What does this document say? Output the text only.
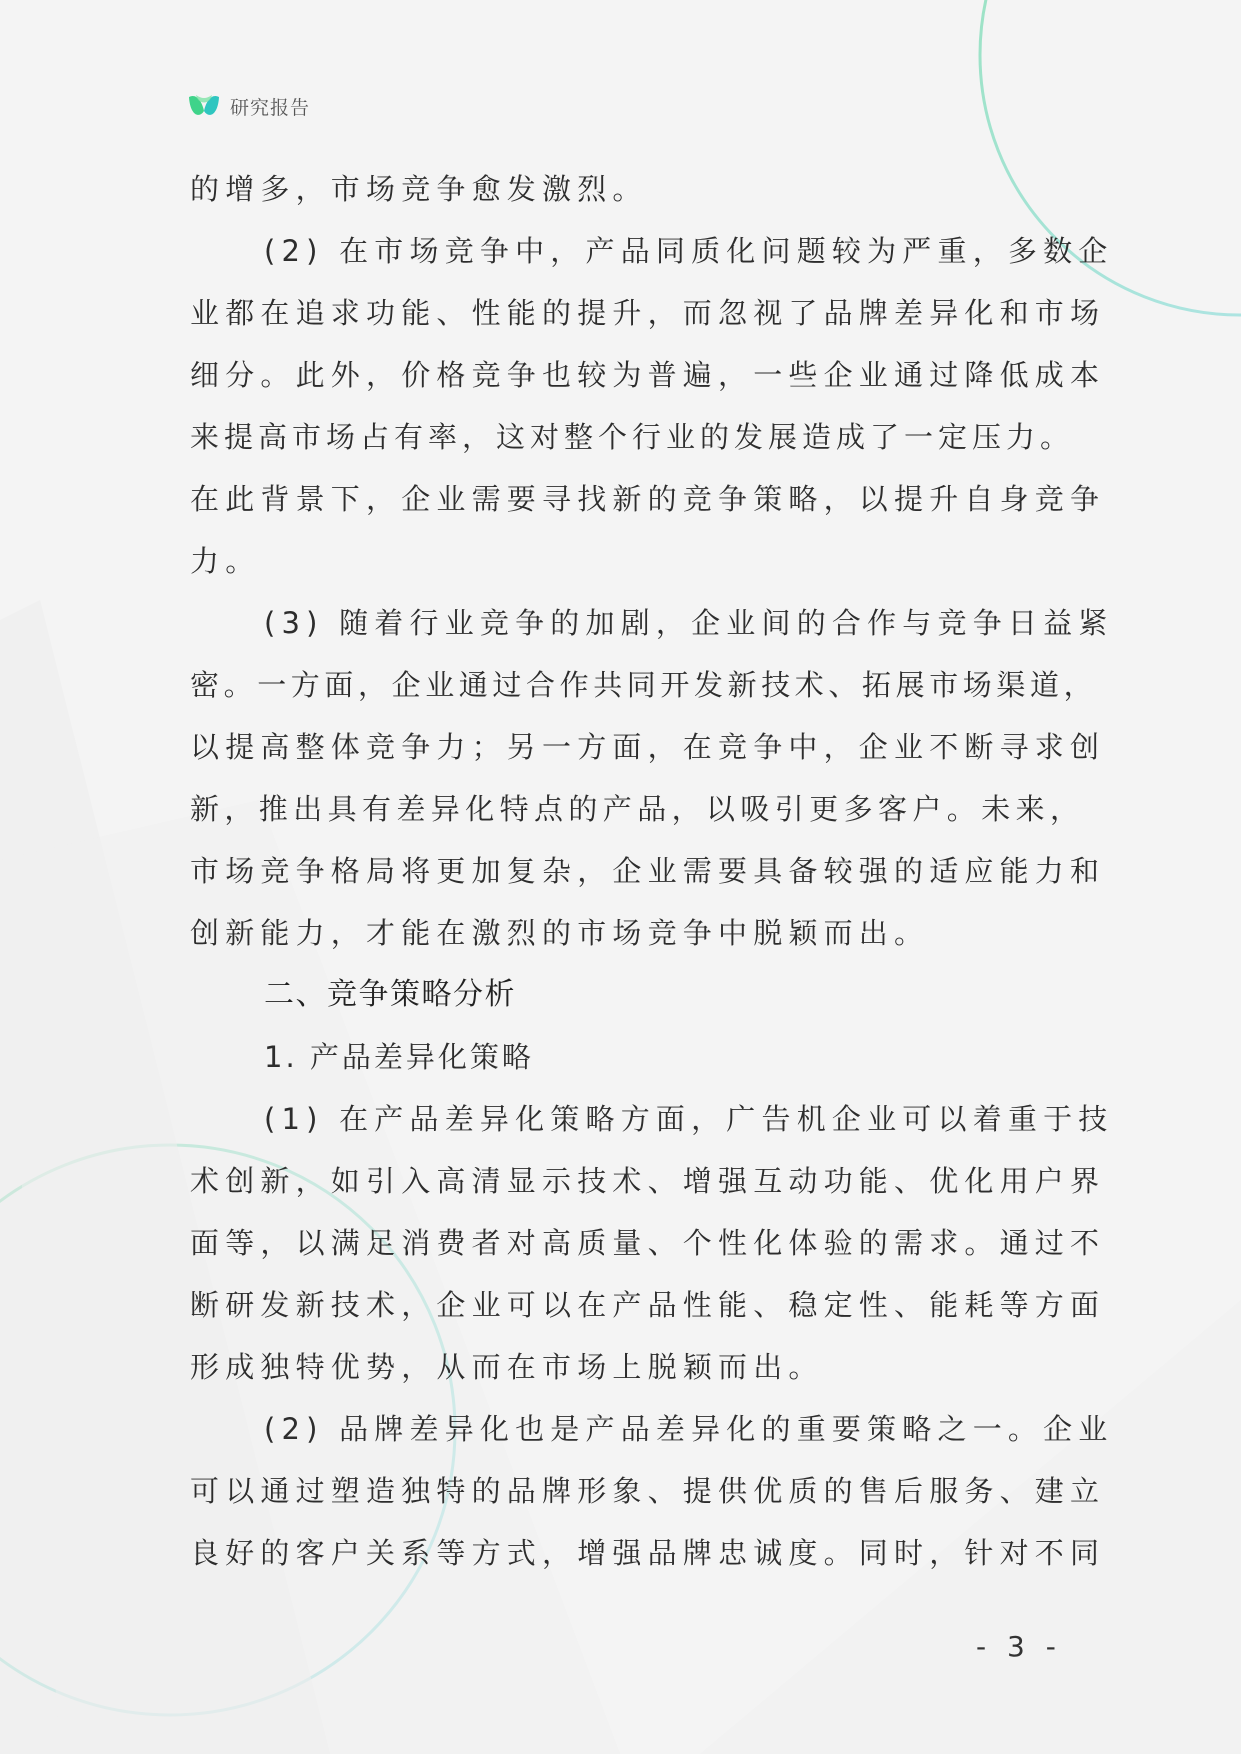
研究报告
的增多，市场竞争愈发激烈。
(2) 在市场竞争中，产品同质化问题较为严重，多数企
业都在追求功能、性能的提升，而忽视了品牌差异化和市场
细分。此外，价格竞争也较为普遍，一些企业通过降低成本
来提高市场占有率，这对整个行业的发展造成了一定压力。
在此背景下，企业需要寻找新的竞争策略，以提升自身竞争
力。
(3) 随着行业竞争的加剧，企业间的合作与竞争日益紧
密。一方面，企业通过合作共同开发新技术、拓展市场渠道，
以提高整体竞争力；另一方面，在竞争中，企业不断寻求创
新，推出具有差异化特点的产品，以吸引更多客户。未来，
市场竞争格局将更加复杂，企业需要具备较强的适应能力和
创新能力，才能在激烈的市场竞争中脱颖而出。
二、竞争策略分析
1. 产品差异化策略
(1) 在产品差异化策略方面，广告机企业可以着重于技
术创新，如引入高清显示技术、增强互动功能、优化用户界
面等，以满足消费者对高质量、个性化体验的需求。通过不
断研发新技术，企业可以在产品性能、稳定性、能耗等方面
形成独特优势，从而在市场上脱颖而出。
(2) 品牌差异化也是产品差异化的重要策略之一。企业
可以通过塑造独特的品牌形象、提供优质的售后服务、建立
良好的客户关系等方式，增强品牌忠诚度。同时，针对不同
- 3 -
